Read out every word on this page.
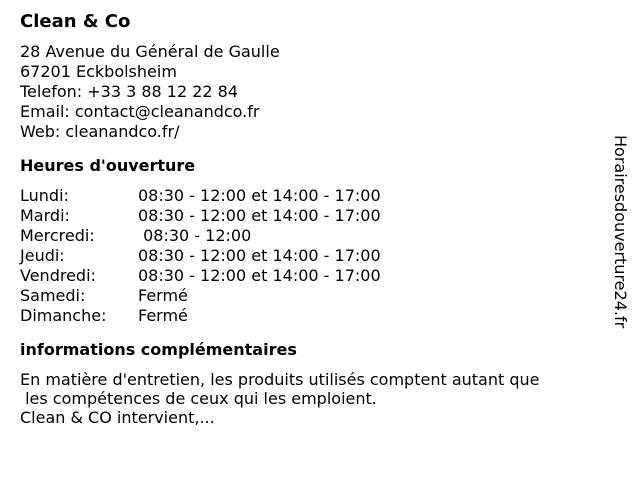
Clean & Co
28 Avenue du Général de Gaulle
67201 Eckbolsheim
Telefon: +33 3 88 12 22 84
Email: contact@cleanandco.fr
Web: cleanandco.fr/
Heures d'ouverture
Lundi:	08:30 - 12:00 et 14:00 - 17:00
Mardi:	08:30 - 12:00 et 14:00 - 17:00
Mercredi:	08:30 - 12:00
Jeudi:	08:30 - 12:00 et 14:00 - 17:00
Vendredi:	08:30 - 12:00 et 14:00 - 17:00
Samedi:	Fermé
Dimanche:	Fermé
informations complémentaires
En matière d'entretien, les produits utilisés comptent autant que
les compétences de ceux qui les emploient.
Clean & CO intervient,...
Horairesdouverture24.fr
